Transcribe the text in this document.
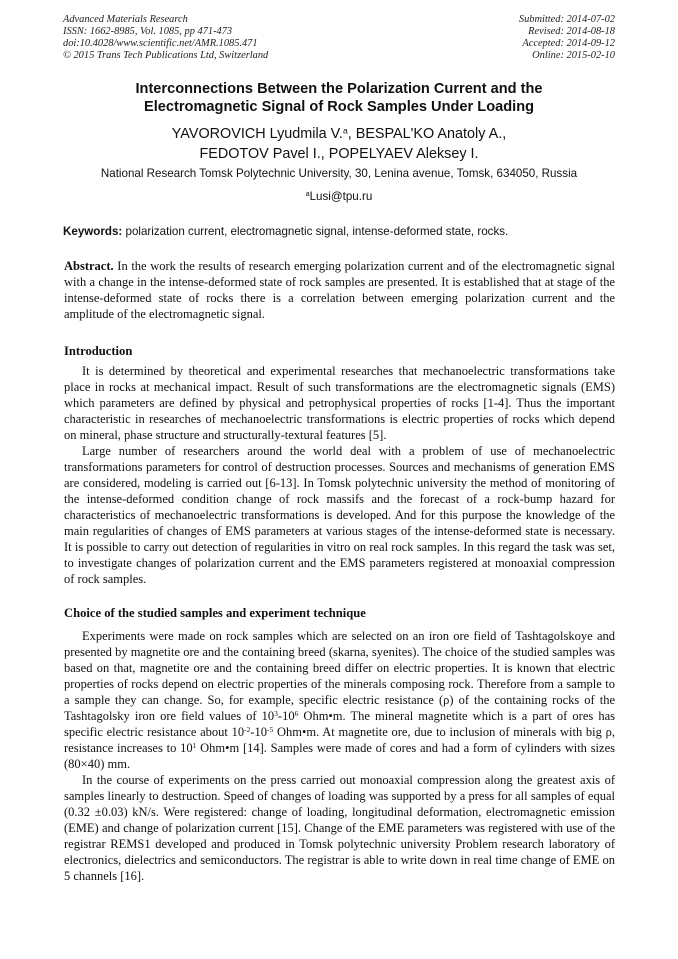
Advanced Materials Research
ISSN: 1662-8985, Vol. 1085, pp 471-473
doi:10.4028/www.scientific.net/AMR.1085.471
© 2015 Trans Tech Publications Ltd, Switzerland
Submitted: 2014-07-02
Revised: 2014-08-18
Accepted: 2014-09-12
Online: 2015-02-10
Interconnections Between the Polarization Current and the
Electromagnetic Signal of Rock Samples Under Loading
YAVOROVICH Lyudmila V.$^a$, BESPAL'KO Anatoly A.,
FEDOTOV Pavel I., POPELYAEV Aleksey I.
National Research Tomsk Polytechnic University, 30, Lenina avenue, Tomsk, 634050, Russia
$^a$Lusi@tpu.ru
Keywords: polarization current, electromagnetic signal, intense-deformed state, rocks.

Abstract. In the work the results of research emerging polarization current and of the electromagnetic signal with a change in the intense-deformed state of rock samples are presented. It is established that at stage of the intense-deformed state of rocks there is a correlation between emerging polarization current and the amplitude of the electromagnetic signal.

Introduction

It is determined by theoretical and experimental researches that mechanoelectric transformations take place in rocks at mechanical impact. Result of such transformations are the electromagnetic signals (EMS) which parameters are defined by physical and petrophysical properties of rocks [1-4]. Thus the important characteristic in researches of mechanoelectric transformations is electric properties of rocks which depend on mineral, phase structure and structurally-textural features [5].

Large number of researchers around the world deal with a problem of use of mechanoelectric transformations parameters for control of destruction processes. Sources and mechanisms of generation EMS are considered, modeling is carried out [6-13]. In Tomsk polytechnic university the method of monitoring of the intense-deformed condition change of rock massifs and the forecast of a rock-bump hazard for characteristics of mechanoelectric transformations is developed. And for this purpose the knowledge of the main regularities of changes of EMS parameters at various stages of the intense-deformed state is necessary. It is possible to carry out detection of regularities in vitro on real rock samples. In this regard the task was set, to investigate changes of polarization current and the EMS parameters registered at monoaxial compression of rock samples.

Choice of the studied samples and experiment technique

Experiments were made on rock samples which are selected on an iron ore field of Tashtagolskoye and presented by magnetite ore and the containing breed (skarna, syenites). The choice of the studied samples was based on that, magnetite ore and the containing breed differ on electric properties. It is known that electric properties of rocks depend on electric properties of the minerals composing rock. Therefore from a sample to a sample they can change. So, for example, specific electric resistance (ρ) of the containing rocks of the Tashtagolsky iron ore field values of $10^3-10^6$ Ohm•m. The mineral magnetite which is a part of ores has specific electric resistance about $10^{-2}-10^{-5}$ Ohm•m. At magnetite ore, due to inclusion of minerals with big ρ, resistance increases to $10^1$ Ohm•m [14]. Samples were made of cores and had a form of cylinders with sizes (80×40) mm.

In the course of experiments on the press carried out monoaxial compression along the greatest axis of samples linearly to destruction. Speed of changes of loading was supported by a press for all samples of equal (0.32 ±0.03) kN/s. Were registered: change of loading, longitudinal deformation, electromagnetic emission (EME) and change of polarization current [15]. Change of the EME parameters was registered with use of the registrar REMS1 developed and produced in Tomsk polytechnic university Problem research laboratory of electronics, dielectrics and semiconductors. The registrar is able to write down in real time change of EME on 5 channels [16].
